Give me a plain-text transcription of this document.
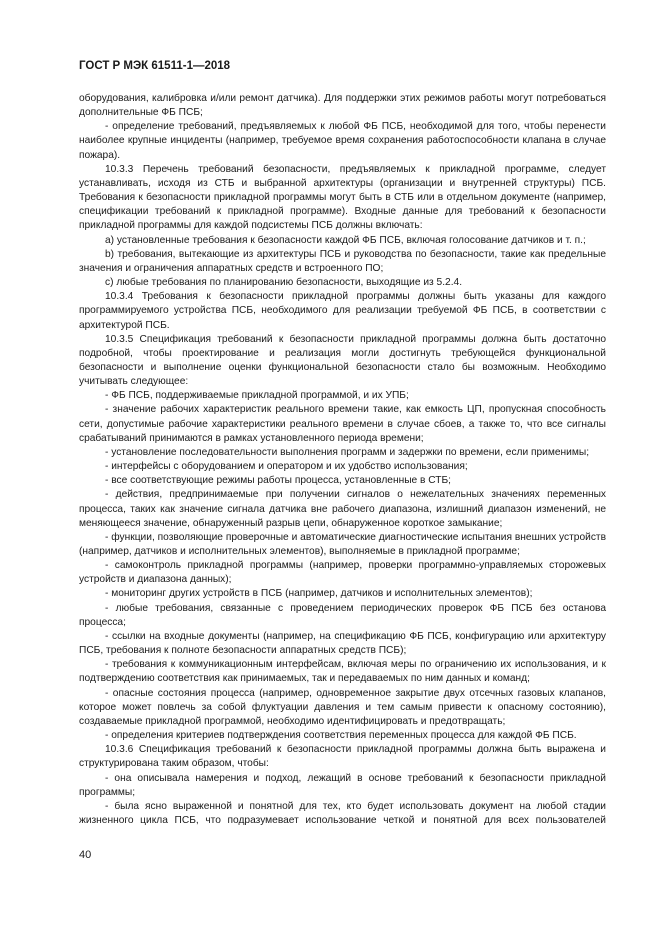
ГОСТ Р МЭК 61511-1—2018

оборудования, калибровка и/или ремонт датчика). Для поддержки этих режимов работы могут потребоваться дополнительные ФБ ПСБ;

- определение требований, предъявляемых к любой ФБ ПСБ, необходимой для того, чтобы перенести наиболее крупные инциденты (например, требуемое время сохранения работоспособности клапана в случае пожара).

10.3.3 Перечень требований безопасности, предъявляемых к прикладной программе, следует устанавливать, исходя из СТБ и выбранной архитектуры (организации и внутренней структуры) ПСБ. Требования к безопасности прикладной программы могут быть в СТБ или в отдельном документе (например, спецификации требований к прикладной программе). Входные данные для требований к безопасности прикладной программы для каждой подсистемы ПСБ должны включать:

a) установленные требования к безопасности каждой ФБ ПСБ, включая голосование датчиков и т. п.;

b) требования, вытекающие из архитектуры ПСБ и руководства по безопасности, такие как предельные значения и ограничения аппаратных средств и встроенного ПО;

c) любые требования по планированию безопасности, выходящие из 5.2.4.

10.3.4 Требования к безопасности прикладной программы должны быть указаны для каждого программируемого устройства ПСБ, необходимого для реализации требуемой ФБ ПСБ, в соответствии с архитектурой ПСБ.

10.3.5 Спецификация требований к безопасности прикладной программы должна быть достаточно подробной, чтобы проектирование и реализация могли достигнуть требующейся функциональной безопасности и выполнение оценки функциональной безопасности стало бы возможным. Необходимо учитывать следующее:

- ФБ ПСБ, поддерживаемые прикладной программой, и их УПБ;

- значение рабочих характеристик реального времени такие, как емкость ЦП, пропускная способность сети, допустимые рабочие характеристики реального времени в случае сбоев, а также то, что все сигналы срабатываний принимаются в рамках установленного периода времени;

- установление последовательности выполнения программ и задержки по времени, если применимы;

- интерфейсы с оборудованием и оператором и их удобство использования;

- все соответствующие режимы работы процесса, установленные в СТБ;

- действия, предпринимаемые при получении сигналов о нежелательных значениях переменных процесса, таких как значение сигнала датчика вне рабочего диапазона, излишний диапазон изменений, не меняющееся значение, обнаруженный разрыв цепи, обнаруженное короткое замыкание;

- функции, позволяющие проверочные и автоматические диагностические испытания внешних устройств (например, датчиков и исполнительных элементов), выполняемые в прикладной программе;

- самоконтроль прикладной программы (например, проверки программно-управляемых сторожевых устройств и диапазона данных);

- мониторинг других устройств в ПСБ (например, датчиков и исполнительных элементов);

- любые требования, связанные с проведением периодических проверок ФБ ПСБ без останова процесса;

- ссылки на входные документы (например, на спецификацию ФБ ПСБ, конфигурацию или архитектуру ПСБ, требования к полноте безопасности аппаратных средств ПСБ);

- требования к коммуникационным интерфейсам, включая меры по ограничению их использования, и к подтверждению соответствия как принимаемых, так и передаваемых по ним данных и команд;

- опасные состояния процесса (например, одновременное закрытие двух отсечных газовых клапанов, которое может повлечь за собой флуктуации давления и тем самым привести к опасному состоянию), создаваемые прикладной программой, необходимо идентифицировать и предотвращать;

- определения критериев подтверждения соответствия переменных процесса для каждой ФБ ПСБ.

10.3.6 Спецификация требований к безопасности прикладной программы должна быть выражена и структурирована таким образом, чтобы:

- она описывала намерения и подход, лежащий в основе требований к безопасности прикладной программы;

- была ясно выраженной и понятной для тех, кто будет использовать документ на любой стадии жизненного цикла ПСБ, что подразумевает использование четкой и понятной для всех пользователей

40
